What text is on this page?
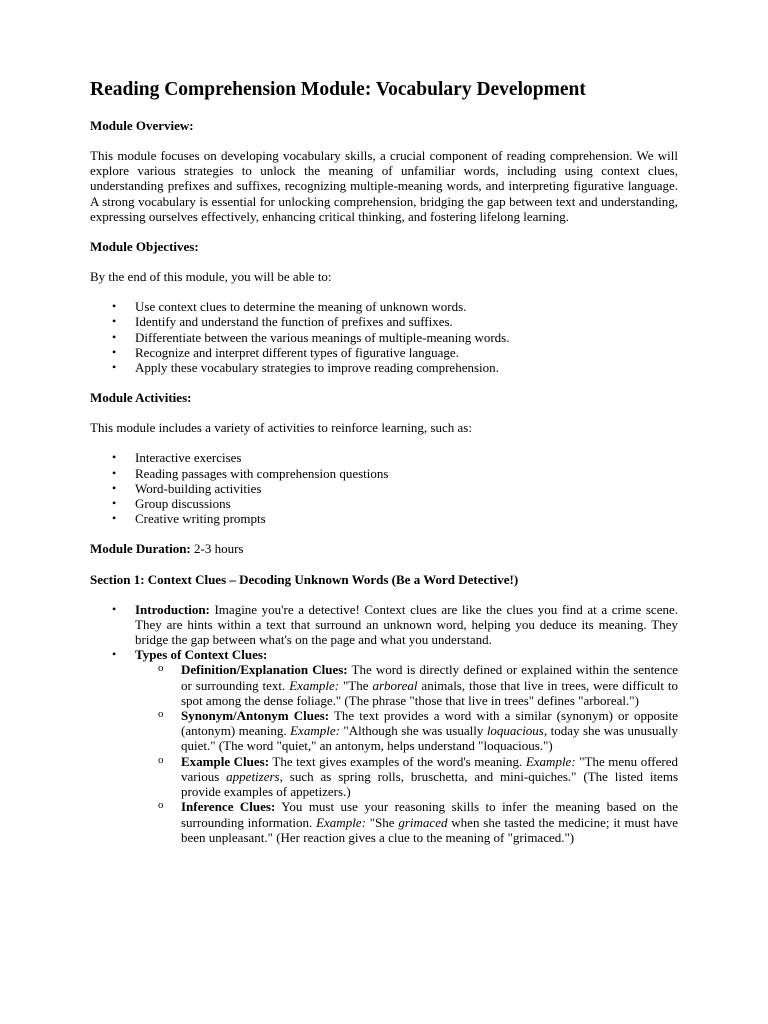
Reading Comprehension Module: Vocabulary Development
Module Overview:

This module focuses on developing vocabulary skills, a crucial component of reading comprehension. We will explore various strategies to unlock the meaning of unfamiliar words, including using context clues, understanding prefixes and suffixes, recognizing multiple-meaning words, and interpreting figurative language. A strong vocabulary is essential for unlocking comprehension, bridging the gap between text and understanding, expressing ourselves effectively, enhancing critical thinking, and fostering lifelong learning.

Module Objectives:

By the end of this module, you will be able to:

• Use context clues to determine the meaning of unknown words.
• Identify and understand the function of prefixes and suffixes.
• Differentiate between the various meanings of multiple-meaning words.
• Recognize and interpret different types of figurative language.
• Apply these vocabulary strategies to improve reading comprehension.
Module Activities:

This module includes a variety of activities to reinforce learning, such as:

• Interactive exercises
• Reading passages with comprehension questions
• Word-building activities
• Group discussions
• Creative writing prompts

Module Duration: 2-3 hours

Section 1: Context Clues – Decoding Unknown Words (Be a Word Detective!)
• Introduction: Imagine you're a detective! Context clues are like the clues you find at a crime scene. They are hints within a text that surround an unknown word, helping you deduce its meaning. They bridge the gap between what's on the page and what you understand.
• Types of Context Clues:
o Definition/Explanation Clues: The word is directly defined or explained within the sentence or surrounding text. Example: "The arboreal animals, those that live in trees, were difficult to spot among the dense foliage." (The phrase "those that live in trees" defines "arboreal.")
o Synonym/Antonym Clues: The text provides a word with a similar (synonym) or opposite (antonym) meaning. Example: "Although she was usually loquacious, today she was unusually quiet." (The word "quiet," an antonym, helps understand "loquacious.")
o Example Clues: The text gives examples of the word's meaning. Example: "The menu offered various appetizers, such as spring rolls, bruschetta, and mini-quiches." (The listed items provide examples of appetizers.)
o Inference Clues: You must use your reasoning skills to infer the meaning based on the surrounding information. Example: "She grimaced when she tasted the medicine; it must have been unpleasant." (Her reaction gives a clue to the meaning of "grimaced.")
